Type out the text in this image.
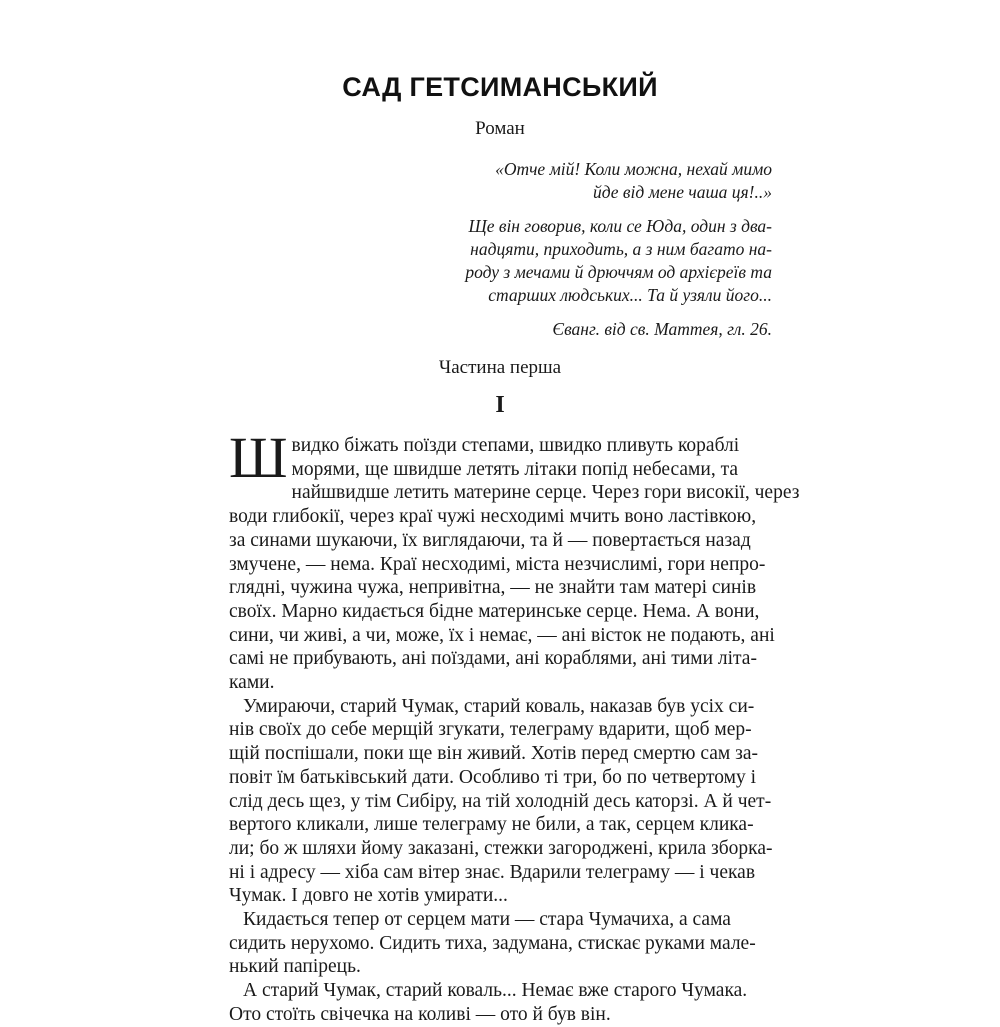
САД ГЕТСИМАНСЬКИЙ
Роман

«Отче мій! Коли можна, нехай мимо
йде від мене чаша ця!..»

Ще він говорив, коли се Юда, один з два-
надцяти, приходить, а з ним багато на-
роду з мечами й дрюччям од архієреїв та
старших людських... Та й узяли його...

Єванг. від св. Маттея, гл. 26.

Частина перша
I
Ш видко біжать поїзди степами, швидко пливуть кораблі
морями, ще швидше летять літаки попід небесами, та
найшвидше летить материне серце. Через гори високії, через
води глибокії, через краї чужі несходимі мчить воно ластівкою,
за синами шукаючи, їх виглядаючи, та й — повертається назад
змучене, — нема. Краї несходимі, міста незчислимі, гори непро-
глядні, чужина чужа, непривітна, — не знайти там матері синів
своїх. Марно кидається бідне материнське серце. Нема. А вони,
сини, чи живі, а чи, може, їх і немає, — ані вісток не подають, ані
самі не прибувають, ані поїздами, ані кораблями, ані тими літа-
ками.
Умираючи, старий Чумак, старий коваль, наказав був усіх си-
нів своїх до себе мерщій згукати, телеграму вдарити, щоб мер-
щій поспішали, поки ще він живий. Хотів перед смертю сам за-
повіт їм батьківський дати. Особливо ті три, бо по четвертому і
слід десь щез, у тім Сибіру, на тій холодній десь каторзі. А й чет-
вертого кликали, лише телеграму не били, а так, серцем клика-
ли; бо ж шляхи йому заказані, стежки загороджені, крила зборка-
ні і адресу — хіба сам вітер знає. Вдарили телеграму — і чекав
Чумак. І довго не хотів умирати...
Кидається тепер от серцем мати — стара Чумачиха, а сама
сидить нерухомо. Сидить тиха, задумана, стискає руками мале-
нький папірець.
А старий Чумак, старий коваль... Немає вже старого Чумака.
Ото стоїть свічечка на коливі — ото й був він.
